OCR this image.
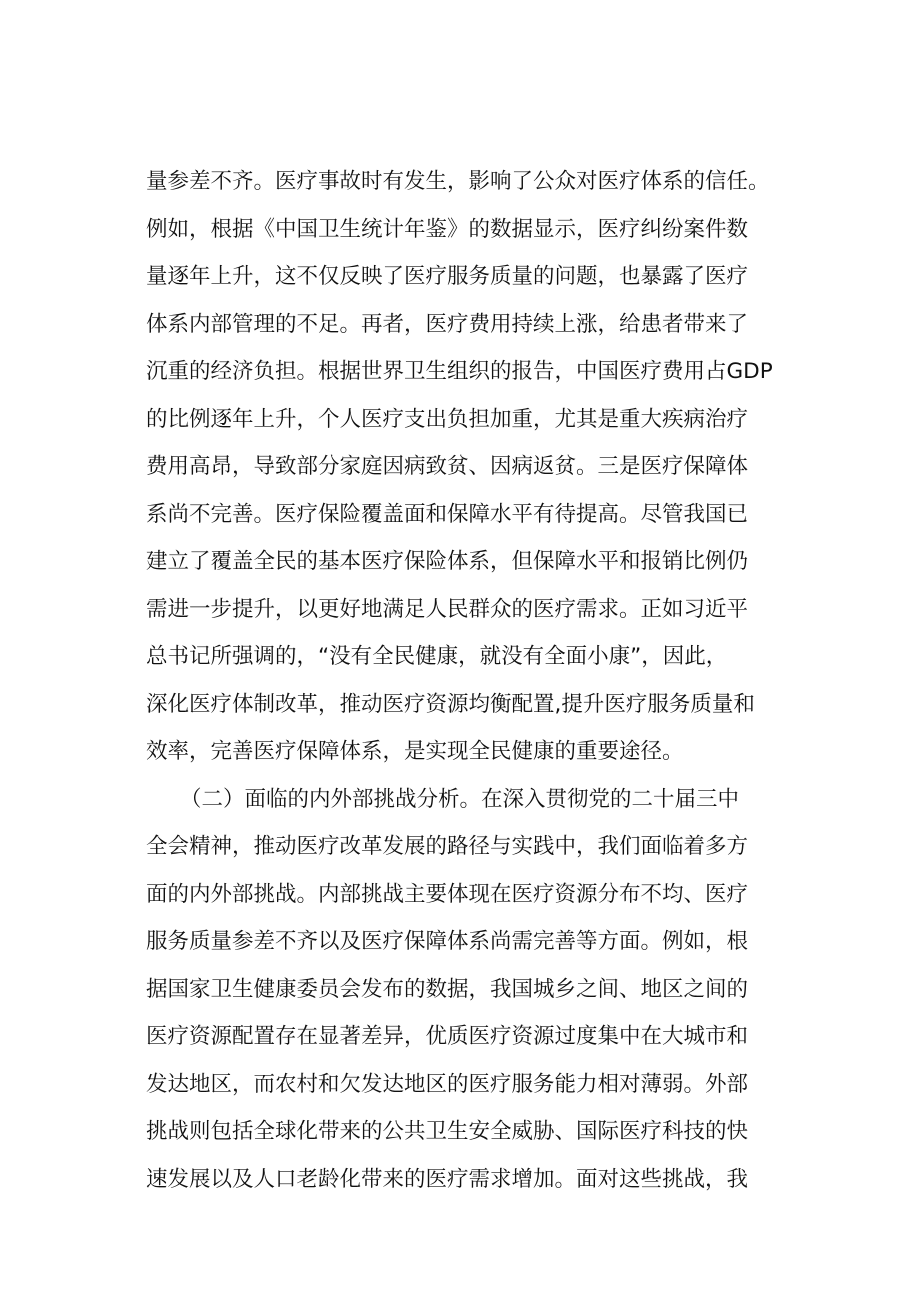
量参差不齐。医疗事故时有发生，影响了公众对医疗体系的信任。
例如，根据《中国卫生统计年鉴》的数据显示，医疗纠纷案件数
量逐年上升，这不仅反映了医疗服务质量的问题，也暴露了医疗
体系内部管理的不足。再者，医疗费用持续上涨，给患者带来了
沉重的经济负担。根据世界卫生组织的报告，中国医疗费用占GDP
的比例逐年上升，个人医疗支出负担加重，尤其是重大疾病治疗
费用高昂，导致部分家庭因病致贫、因病返贫。三是医疗保障体
系尚不完善。医疗保险覆盖面和保障水平有待提高。尽管我国已
建立了覆盖全民的基本医疗保险体系，但保障水平和报销比例仍
需进一步提升，以更好地满足人民群众的医疗需求。正如习近平
总书记所强调的，“没有全民健康，就没有全面小康”，因此，
深化医疗体制改革，推动医疗资源均衡配置,提升医疗服务质量和
效率，完善医疗保障体系，是实现全民健康的重要途径。
（二）面临的内外部挑战分析。在深入贯彻党的二十届三中
全会精神，推动医疗改革发展的路径与实践中，我们面临着多方
面的内外部挑战。内部挑战主要体现在医疗资源分布不均、医疗
服务质量参差不齐以及医疗保障体系尚需完善等方面。例如，根
据国家卫生健康委员会发布的数据，我国城乡之间、地区之间的
医疗资源配置存在显著差异，优质医疗资源过度集中在大城市和
发达地区，而农村和欠发达地区的医疗服务能力相对薄弱。外部
挑战则包括全球化带来的公共卫生安全威胁、国际医疗科技的快
速发展以及人口老龄化带来的医疗需求增加。面对这些挑战，我
